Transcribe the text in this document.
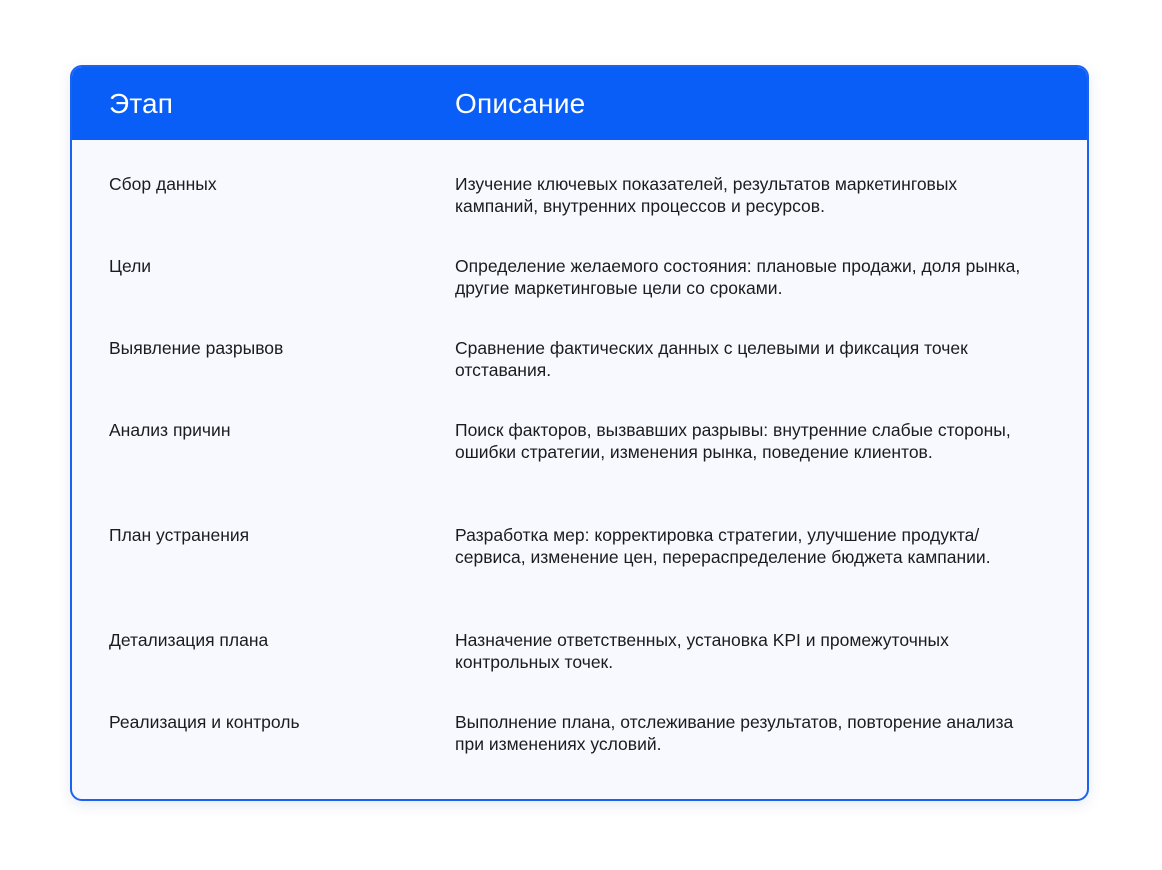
Этап	Описание
Сбор данных	Изучение ключевых показателей, результатов маркетинговых кампаний, внутренних процессов и ресурсов.
Цели	Определение желаемого состояния: плановые продажи, доля рынка, другие маркетинговые цели со сроками.
Выявление разрывов	Сравнение фактических данных с целевыми и фиксация точек отставания.
Анализ причин	Поиск факторов, вызвавших разрывы: внутренние слабые стороны, ошибки стратегии, изменения рынка, поведение клиентов.
План устранения	Разработка мер: корректировка стратегии, улучшение продукта/сервиса, изменение цен, перераспределение бюджета кампании.
Детализация плана	Назначение ответственных, установка KPI и промежуточных контрольных точек.
Реализация и контроль	Выполнение плана, отслеживание результатов, повторение анализа при изменениях условий.
